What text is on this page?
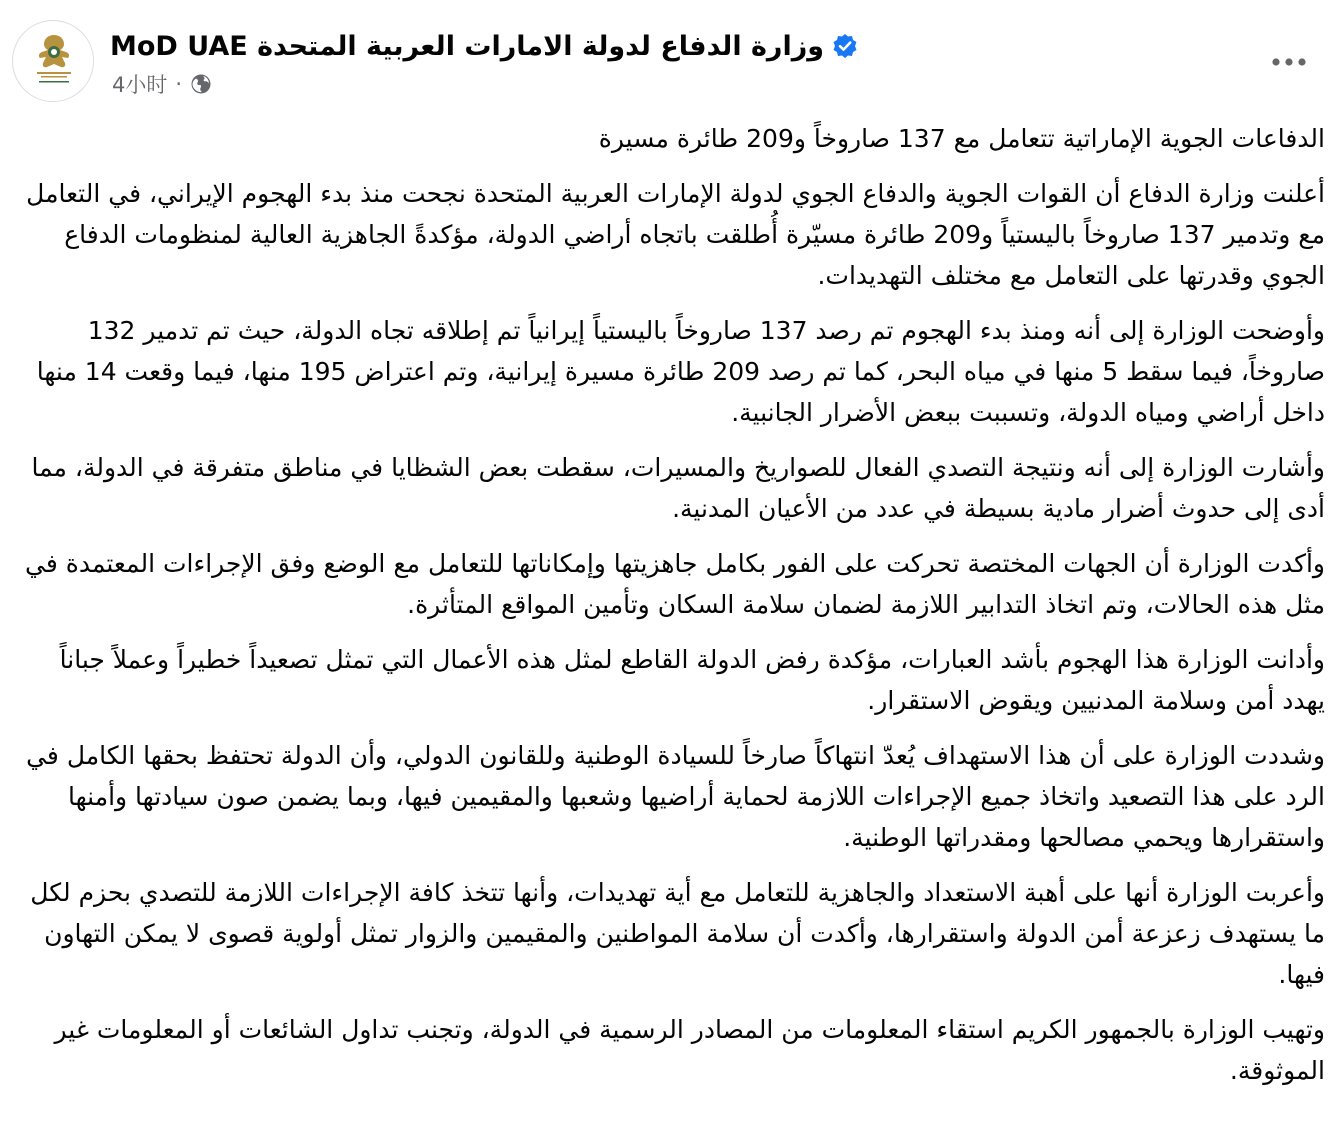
وزارة الدفاع لدولة الامارات العربية المتحدة MoD UAE
4小时 ·

الدفاعات الجوية الإماراتية تتعامل مع 137 صاروخاً و209 طائرة مسيرة

أعلنت وزارة الدفاع أن القوات الجوية والدفاع الجوي لدولة الإمارات العربية المتحدة نجحت منذ بدء الهجوم الإيراني، في التعامل مع وتدمير 137 صاروخاً باليستياً و209 طائرة مسيّرة أُطلقت باتجاه أراضي الدولة، مؤكدةً الجاهزية العالية لمنظومات الدفاع الجوي وقدرتها على التعامل مع مختلف التهديدات.

وأوضحت الوزارة إلى أنه ومنذ بدء الهجوم تم رصد 137 صاروخاً باليستياً إيرانياً تم إطلاقه تجاه الدولة، حيث تم تدمير 132 صاروخاً، فيما سقط 5 منها في مياه البحر، كما تم رصد 209 طائرة مسيرة إيرانية، وتم اعتراض 195 منها، فيما وقعت 14 منها داخل أراضي ومياه الدولة، وتسببت ببعض الأضرار الجانبية.

وأشارت الوزارة إلى أنه ونتيجة التصدي الفعال للصواريخ والمسيرات، سقطت بعض الشظايا في مناطق متفرقة في الدولة، مما أدى إلى حدوث أضرار مادية بسيطة في عدد من الأعيان المدنية.

وأكدت الوزارة أن الجهات المختصة تحركت على الفور بكامل جاهزيتها وإمكاناتها للتعامل مع الوضع وفق الإجراءات المعتمدة في مثل هذه الحالات، وتم اتخاذ التدابير اللازمة لضمان سلامة السكان وتأمين المواقع المتأثرة.

وأدانت الوزارة هذا الهجوم بأشد العبارات، مؤكدة رفض الدولة القاطع لمثل هذه الأعمال التي تمثل تصعيداً خطيراً وعملاً جباناً يهدد أمن وسلامة المدنيين ويقوض الاستقرار.

وشددت الوزارة على أن هذا الاستهداف يُعدّ انتهاكاً صارخاً للسيادة الوطنية وللقانون الدولي، وأن الدولة تحتفظ بحقها الكامل في الرد على هذا التصعيد واتخاذ جميع الإجراءات اللازمة لحماية أراضيها وشعبها والمقيمين فيها، وبما يضمن صون سيادتها وأمنها واستقرارها ويحمي مصالحها ومقدراتها الوطنية.

وأعربت الوزارة أنها على أهبة الاستعداد والجاهزية للتعامل مع أية تهديدات، وأنها تتخذ كافة الإجراءات اللازمة للتصدي بحزم لكل ما يستهدف زعزعة أمن الدولة واستقرارها، وأكدت أن سلامة المواطنين والمقيمين والزوار تمثل أولوية قصوى لا يمكن التهاون فيها.

وتهيب الوزارة بالجمهور الكريم استقاء المعلومات من المصادر الرسمية في الدولة، وتجنب تداول الشائعات أو المعلومات غير الموثوقة.
